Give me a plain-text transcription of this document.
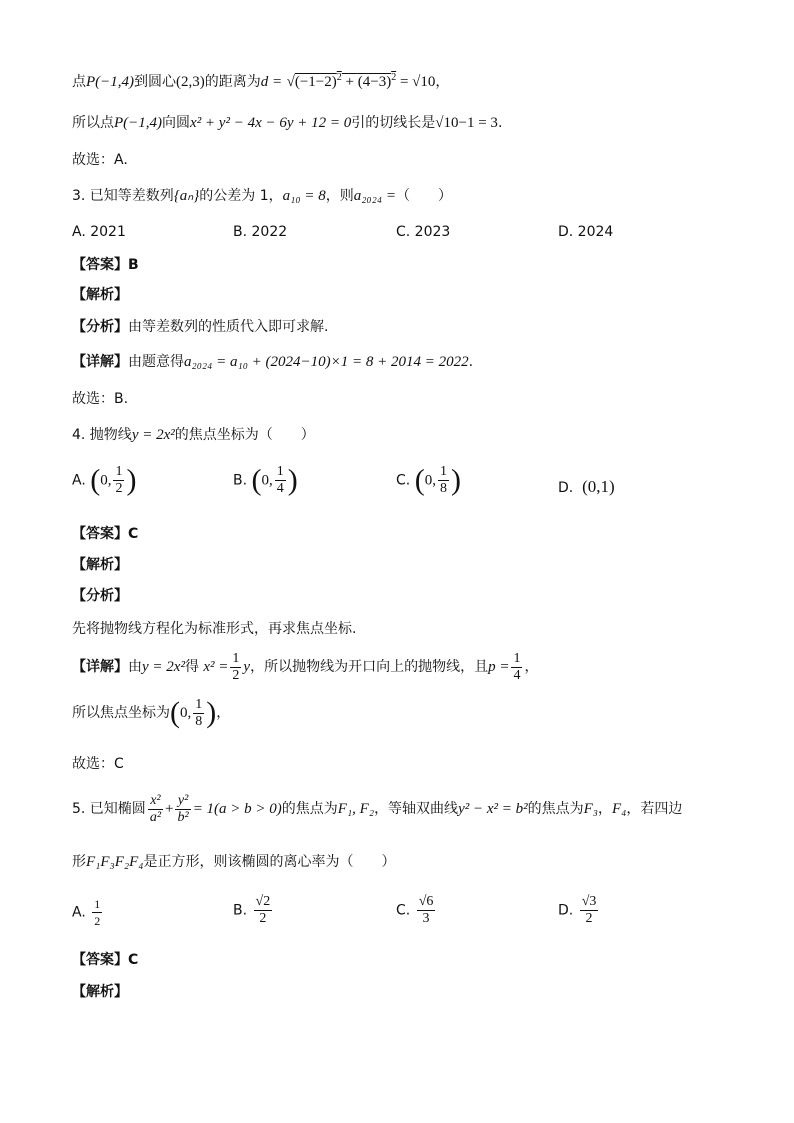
点P(−1,4)到圆心(2,3)的距离为$d = √(-1-2)^2 + (4-3)^2 = √10$，
所以点P(−1,4)向圆x² + y² − 4x − 6y + 12 = 0引的切线长是√10−1 = 3.
故选：A.
3. 已知等差数列{aₙ}的公差为 1，a₁₀ = 8，则a₂₀₂₄ =（　　）
A. 2021	B. 2022	C. 2023	D. 2024
【答案】B
【解析】
【分析】由等差数列的性质代入即可求解.
【详解】由题意得a₂₀₂₄ = a₁₀ + (2024−10)×1 = 8 + 2014 = 2022.
故选：B.
4. 抛物线y = 2x²的焦点坐标为（　　）
A. (0, $\frac{1}{2}$ )	B. (0, $\frac{1}{4}$ )	C. (0, $\frac{1}{8}$ )	D. (0,1)
【答案】C
【解析】
【分析】
先将抛物线方程化为标准形式，再求焦点坐标.
【详解】由y = 2x²得 $x^2 = \frac{1}{2}$ y，所以抛物线为开口向上的抛物线，且$p = \frac{1}{4}$ ，
所以焦点坐标为(0, $\frac{1}{8}$ )，
故选：C
5. 已知椭圆 $\frac{\text{x²}}{\text{a²}} + \frac{\text{y²}}{\text{b²}} = 1(a > b > 0)$的焦点为F₁, F₂，等轴双曲线y² − x² = b²的焦点为F₃，F₄，若四边
形F₁F₃F₂F₄是正方形，则该椭圆的离心率为（　　）
A. $\frac{1}{2}$	B. $\frac{√2}{2}$	C. $\frac{√6}{3}$	D. $\frac{√3}{2}$
【答案】C
【解析】
